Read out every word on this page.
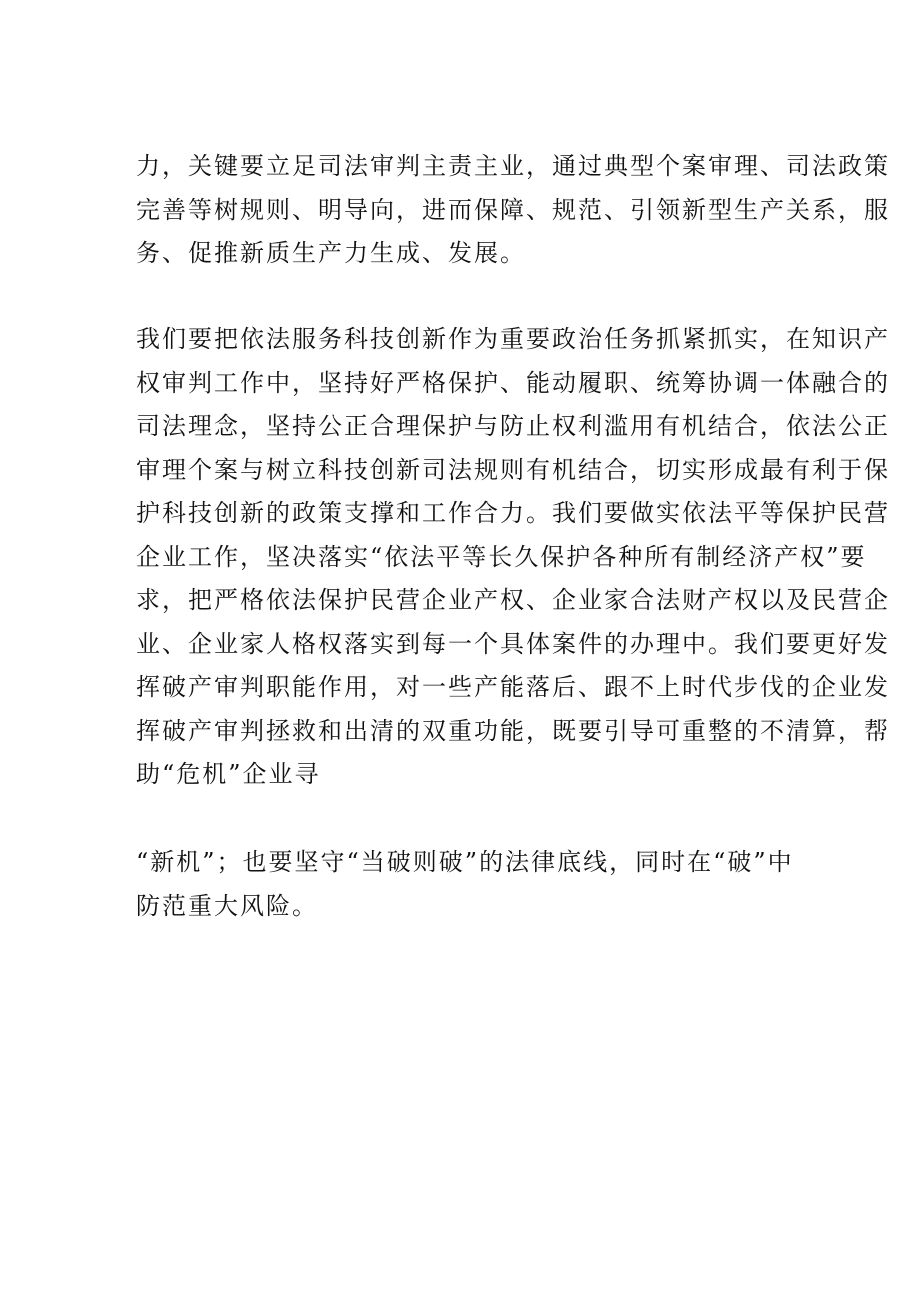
力，关键要立足司法审判主责主业，通过典型个案审理、司法政策
完善等树规则、明导向，进而保障、规范、引领新型生产关系，服
务、促推新质生产力生成、发展。
我们要把依法服务科技创新作为重要政治任务抓紧抓实，在知识产
权审判工作中，坚持好严格保护、能动履职、统筹协调一体融合的
司法理念，坚持公正合理保护与防止权利滥用有机结合，依法公正
审理个案与树立科技创新司法规则有机结合，切实形成最有利于保
护科技创新的政策支撑和工作合力。我们要做实依法平等保护民营
企业工作，坚决落实“依法平等长久保护各种所有制经济产权”要
求，把严格依法保护民营企业产权、企业家合法财产权以及民营企
业、企业家人格权落实到每一个具体案件的办理中。我们要更好发
挥破产审判职能作用，对一些产能落后、跟不上时代步伐的企业发
挥破产审判拯救和出清的双重功能，既要引导可重整的不清算，帮
助“危机”企业寻
“新机”；也要坚守“当破则破”的法律底线，同时在“破”中
防范重大风险。
